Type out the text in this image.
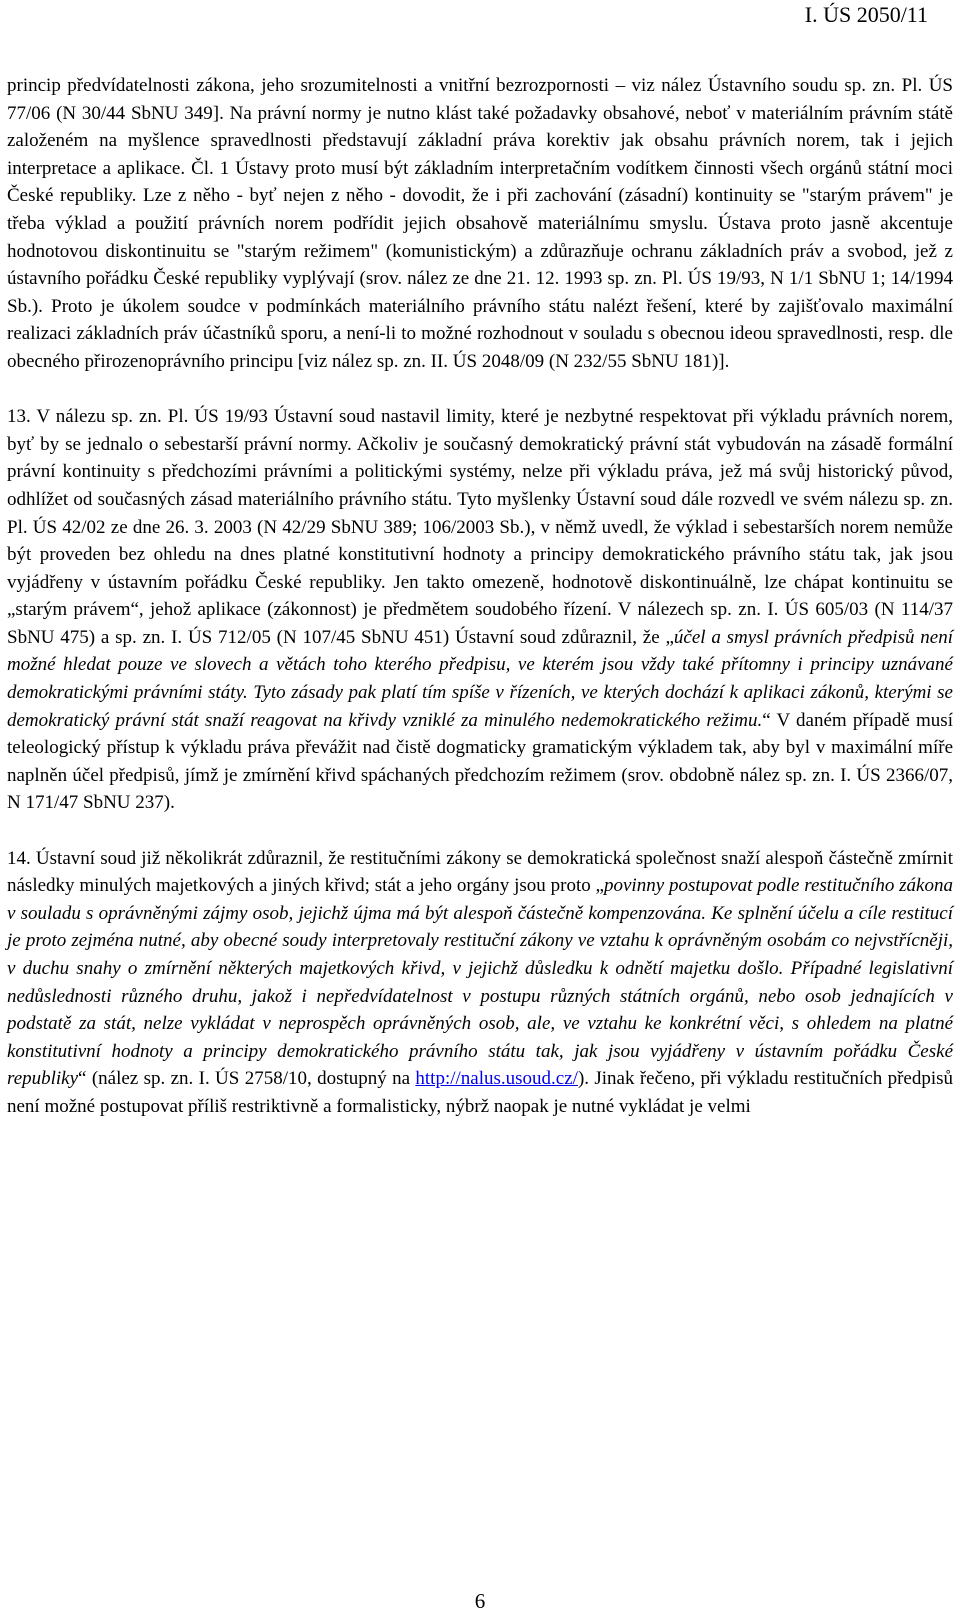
I. ÚS 2050/11

princip předvídatelnosti zákona, jeho srozumitelnosti a vnitřní bezrozpornosti – viz nález Ústavního soudu sp. zn. Pl. ÚS 77/06 (N 30/44 SbNU 349]. Na právní normy je nutno klást také požadavky obsahové, neboť v materiálním právním státě založeném na myšlence spravedlnosti představují základní práva korektiv jak obsahu právních norem, tak i jejich interpretace a aplikace. Čl. 1 Ústavy proto musí být základním interpretačním vodítkem činnosti všech orgánů státní moci České republiky. Lze z něho - byť nejen z něho - dovodit, že i při zachování (zásadní) kontinuity se "starým právem" je třeba výklad a použití právních norem podřídit jejich obsahově materiálnímu smyslu. Ústava proto jasně akcentuje hodnotovou diskontinuitu se "starým režimem" (komunistickým) a zdůrazňuje ochranu základních práv a svobod, jež z ústavního pořádku České republiky vyplývají (srov. nález ze dne 21. 12. 1993 sp. zn. Pl. ÚS 19/93, N 1/1 SbNU 1; 14/1994 Sb.). Proto je úkolem soudce v podmínkách materiálního právního státu nalézt řešení, které by zajišťovalo maximální realizaci základních práv účastníků sporu, a není-li to možné rozhodnout v souladu s obecnou ideou spravedlnosti, resp. dle obecného přirozenoprávního principu [viz nález sp. zn. II. ÚS 2048/09 (N 232/55 SbNU 181)].

13. V nálezu sp. zn. Pl. ÚS 19/93 Ústavní soud nastavil limity, které je nezbytné respektovat při výkladu právních norem, byť by se jednalo o sebestarší právní normy. Ačkoliv je současný demokratický právní stát vybudován na zásadě formální právní kontinuity s předchozími právními a politickými systémy, nelze při výkladu práva, jež má svůj historický původ, odhlížet od současných zásad materiálního právního státu. Tyto myšlenky Ústavní soud dále rozvedl ve svém nálezu sp. zn. Pl. ÚS 42/02 ze dne 26. 3. 2003 (N 42/29 SbNU 389; 106/2003 Sb.), v němž uvedl, že výklad i sebestarších norem nemůže být proveden bez ohledu na dnes platné konstitutivní hodnoty a principy demokratického právního státu tak, jak jsou vyjádřeny v ústavním pořádku České republiky. Jen takto omezeně, hodnotově diskontinuálně, lze chápat kontinuitu se „starým právem“, jehož aplikace (zákonnost) je předmětem soudobého řízení. V nálezech sp. zn. I. ÚS 605/03 (N 114/37 SbNU 475) a sp. zn. I. ÚS 712/05 (N 107/45 SbNU 451) Ústavní soud zdůraznil, že „účel a smysl právních předpisů není možné hledat pouze ve slovech a větách toho kterého předpisu, ve kterém jsou vždy také přítomny i principy uznávané demokratickými právními státy. Tyto zásady pak platí tím spíše v řízeních, ve kterých dochází k aplikaci zákonů, kterými se demokratický právní stát snaží reagovat na křivdy vzniklé za minulého nedemokratického režimu.“ V daném případě musí teleologický přístup k výkladu práva převážit nad čistě dogmaticky gramatickým výkladem tak, aby byl v maximální míře naplněn účel předpisů, jímž je zmírnění křivd spáchaných předchozím režimem (srov. obdobně nález sp. zn. I. ÚS 2366/07, N 171/47 SbNU 237).

14. Ústavní soud již několikrát zdůraznil, že restitučními zákony se demokratická společnost snaží alespoň částečně zmírnit následky minulých majetkových a jiných křivd; stát a jeho orgány jsou proto „povinny postupovat podle restitučního zákona v souladu s oprávněnými zájmy osob, jejichž újma má být alespoň částečně kompenzována. Ke splnění účelu a cíle restitucí je proto zejména nutné, aby obecné soudy interpretovaly restituční zákony ve vztahu k oprávněným osobám co nejvstřícněji, v duchu snahy o zmírnění některých majetkových křivd, v jejichž důsledku k odnětí majetku došlo. Případné legislativní nedůslednosti různého druhu, jakož i nepředvídatelnost v postupu různých státních orgánů, nebo osob jednajících v podstatě za stát, nelze vykládat v neprospěch oprávněných osob, ale, ve vztahu ke konkrétní věci, s ohledem na platné konstitutivní hodnoty a principy demokratického právního státu tak, jak jsou vyjádřeny v ústavním pořádku České republiky“ (nález sp. zn. I. ÚS 2758/10, dostupný na http://nalus.usoud.cz/). Jinak řečeno, při výkladu restitučních předpisů není možné postupovat příliš restriktivně a formalisticky, nýbrž naopak je nutné vykládat je velmi

6
